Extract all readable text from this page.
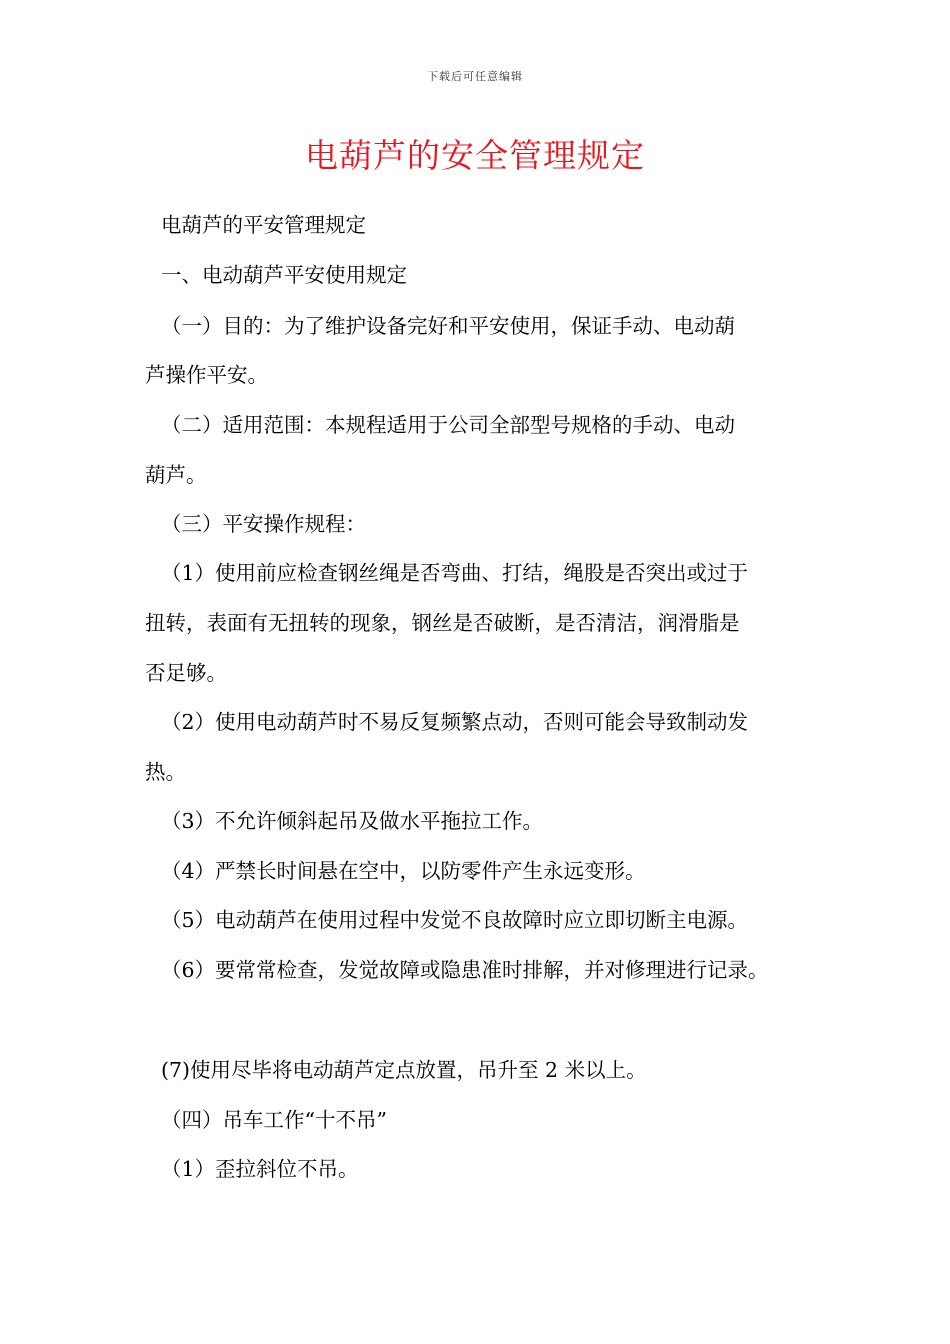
下载后可任意编辑
电葫芦的安全管理规定
电葫芦的平安管理规定
一、电动葫芦平安使用规定
（一）目的：为了维护设备完好和平安使用，保证手动、电动葫
芦操作平安。
（二）适用范围：本规程适用于公司全部型号规格的手动、电动
葫芦。
（三）平安操作规程：
（1）使用前应检查钢丝绳是否弯曲、打结，绳股是否突出或过于
扭转，表面有无扭转的现象，钢丝是否破断，是否清洁，润滑脂是
否足够。
（2）使用电动葫芦时不易反复频繁点动，否则可能会导致制动发
热。
（3）不允许倾斜起吊及做水平拖拉工作。
（4）严禁长时间悬在空中，以防零件产生永远变形。
（5）电动葫芦在使用过程中发觉不良故障时应立即切断主电源。
（6）要常常检查，发觉故障或隐患准时排解，并对修理进行记录。
(7)使用尽毕将电动葫芦定点放置，吊升至 2 米以上。
（四）吊车工作“十不吊”
（1）歪拉斜位不吊。
